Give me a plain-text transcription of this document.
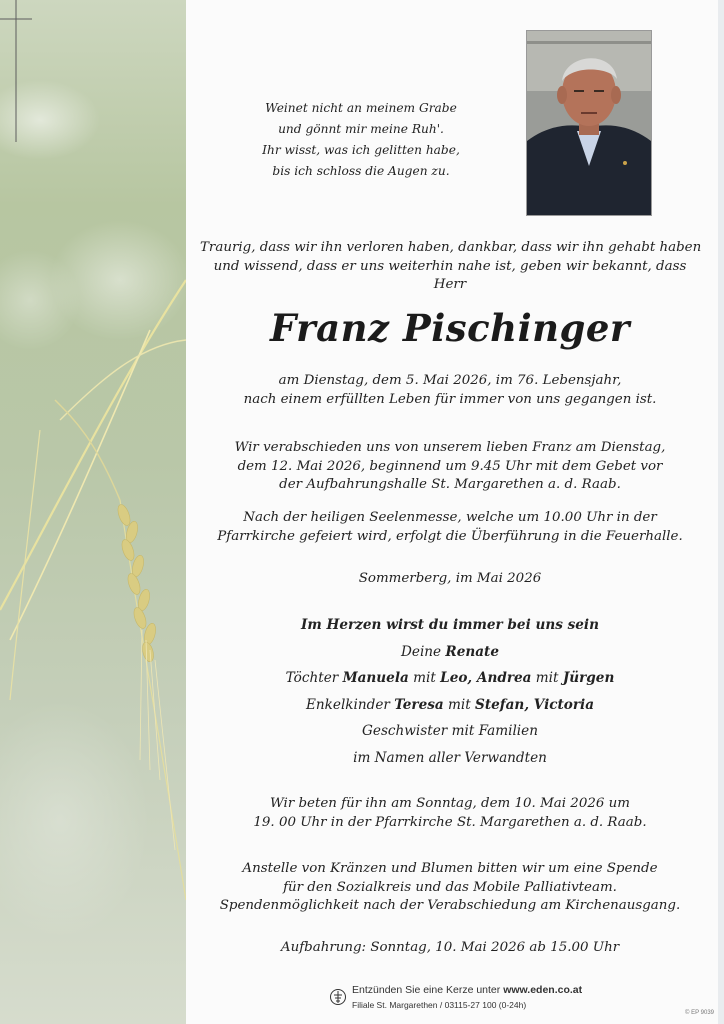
Weinet nicht an meinem Grabe
und gönnt mir meine Ruh'.
Ihr wisst, was ich gelitten habe,
bis ich schloss die Augen zu.
Traurig, dass wir ihn verloren haben, dankbar, dass wir ihn gehabt haben
und wissend, dass er uns weiterhin nahe ist, geben wir bekannt, dass
Herr
Franz Pischinger
am Dienstag, dem 5. Mai 2026, im 76. Lebensjahr,
nach einem erfüllten Leben für immer von uns gegangen ist.
Wir verabschieden uns von unserem lieben Franz am Dienstag,
dem 12. Mai 2026, beginnend um 9.45 Uhr mit dem Gebet vor
der Aufbahrungshalle St. Margarethen a. d. Raab.
Nach der heiligen Seelenmesse, welche um 10.00 Uhr in der
Pfarrkirche gefeiert wird, erfolgt die Überführung in die Feuerhalle.
Sommerberg, im Mai 2026
Im Herzen wirst du immer bei uns sein
Deine Renate
Töchter Manuela mit Leo, Andrea mit Jürgen
Enkelkinder Teresa mit Stefan, Victoria
Geschwister mit Familien
im Namen aller Verwandten
Wir beten für ihn am Sonntag, dem 10. Mai 2026 um
19. 00 Uhr in der Pfarrkirche St. Margarethen a. d. Raab.
Anstelle von Kränzen und Blumen bitten wir um eine Spende
für den Sozialkreis und das Mobile Palliativteam.
Spendenmöglichkeit nach der Verabschiedung am Kirchenausgang.
Aufbahrung: Sonntag, 10. Mai 2026 ab 15.00 Uhr
Entzünden Sie eine Kerze unter www.eden.co.at
Filiale St. Margarethen / 03115-27 100 (0-24h)
© EP 9039
